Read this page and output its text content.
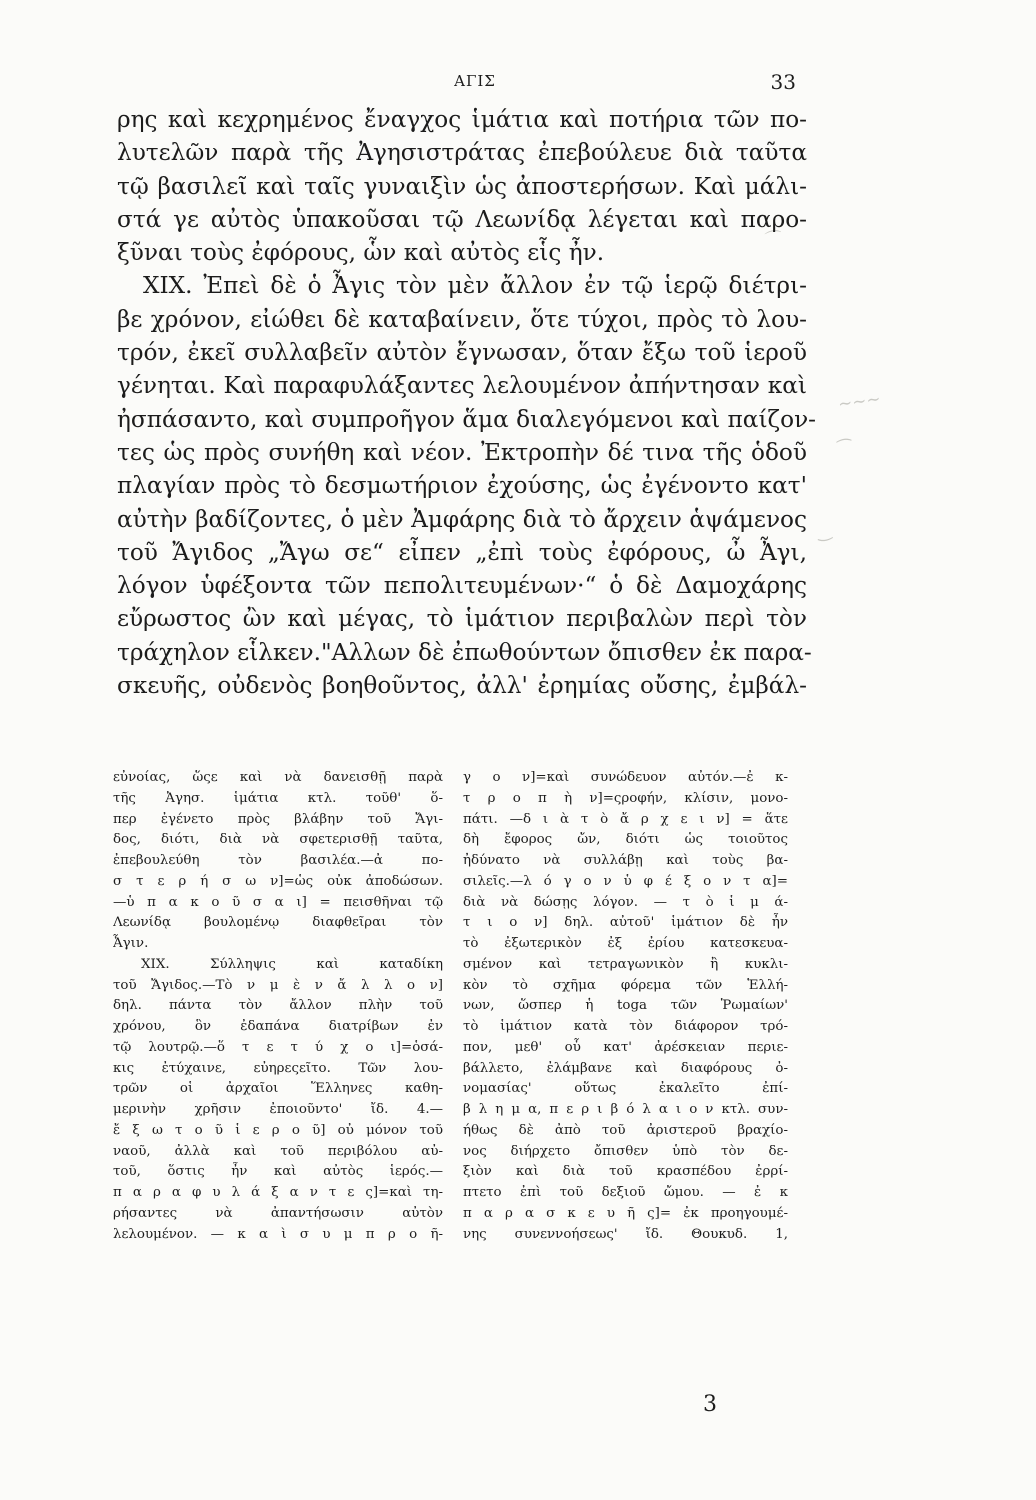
ΑΓΙΣ	33
⌒
~~~
⁀
‿
ρης καὶ κεχρημένος ἔναγχος ἱμάτια καὶ ποτήρια τῶν πο-
λυτελῶν παρὰ τῆς Ἀγησιστράτας ἐπεβούλευε διὰ ταῦτα
τῷ βασιλεῖ καὶ ταῖς γυναιξὶν ὡς ἀποστερήσων. Καὶ μάλι-
στά γε αὐτὸς ὑπακοῦσαι τῷ Λεωνίδᾳ λέγεται καὶ παρο-
ξῦναι τοὺς ἐφόρους, ὧν καὶ αὐτὸς εἷς ἦν.
XIX. Ἐπεὶ δὲ ὁ Ἆγις τὸν μὲν ἄλλον ἐν τῷ ἱερῷ διέτρι-
βε χρόνον, εἰώθει δὲ καταβαίνειν, ὅτε τύχοι, πρὸς τὸ λου-
τρόν, ἐκεῖ συλλαβεῖν αὐτὸν ἔγνωσαν, ὅταν ἔξω τοῦ ἱεροῦ
γένηται. Καὶ παραφυλάξαντες λελουμένον ἀπήντησαν καὶ
ἠσπάσαντο, καὶ συμπροῆγον ἅμα διαλεγόμενοι καὶ παίζον-
τες ὡς πρὸς συνήθη καὶ νέον. Ἐκτροπὴν δέ τινα τῆς ὁδοῦ
πλαγίαν πρὸς τὸ δεσμωτήριον ἐχούσης, ὡς ἐγένοντο κατ'
αὐτὴν βαδίζοντες, ὁ μὲν Ἀμφάρης διὰ τὸ ἄρχειν ἁψάμενος
τοῦ Ἄγιδος „Ἄγω σε“ εἶπεν „ἐπὶ τοὺς ἐφόρους, ὦ Ἆγι,
λόγον ὑφέξοντα τῶν πεπολιτευμένων·“ ὁ δὲ Δαμοχάρης
εὔρωστος ὢν καὶ μέγας, τὸ ἱμάτιον περιβαλὼν περὶ τὸν
τράχηλον εἷλκεν."Αλλων δὲ ἐπωθούντων ὄπισθεν ἐκ παρα-
σκευῆς, οὐδενὸς βοηθοῦντος, ἀλλ' ἐρημίας οὔσης, ἐμβάλ-
εὐνοίας, ὥςε καὶ νὰ δανεισθῇ παρὰ
τῆς Ἀγησ. ἱμάτια κτλ. τοῦθ' ὅ-
περ ἐγένετο πρὸς βλάβην τοῦ Ἄγι-
δος, διότι, διὰ νὰ σφετερισθῇ ταῦτα,
ἐπεβουλεύθη τὸν βασιλέα.—ἀ πο-
σ τ ε ρ ή σ ω ν]=ὡς οὐκ ἀποδώσων.
—ὑ π α κ ο ῦ σ α ι] = πεισθῆναι τῷ
Λεωνίδᾳ βουλομένῳ διαφθεῖραι τὸν
Ἆγιν.
XIX. Σύλληψις καὶ καταδίκη
τοῦ Ἄγιδος.—Τὸ ν μ ὲ ν ἄ λ λ ο ν]
δηλ. πάντα τὸν ἄλλον πλὴν τοῦ
χρόνου, ὃν ἐδαπάνα διατρίβων ἐν
τῷ λουτρῷ.—ὅ τ ε τ ύ χ ο ι]=ὁσά-
κις ἐτύχαινε, εὐηρεςεῖτο. Τῶν λου-
τρῶν οἱ ἀρχαῖοι Ἕλληνες καθη-
μερινὴν χρῆσιν ἐποιοῦντο' ἴδ. 4.—
ἔ ξ ω τ ο ῦ ἱ ε ρ ο ῦ] οὐ μόνον τοῦ
ναοῦ, ἀλλὰ καὶ τοῦ περιβόλου αὐ-
τοῦ, ὅστις ἦν καὶ αὐτὸς ἱερός.—
π α ρ α φ υ λ ά ξ α ν τ ε ς]=καὶ τη-
ρήσαντες νὰ ἀπαντήσωσιν αὐτὸν
λελουμένον. — κ α ὶ σ υ μ π ρ ο ῆ-
γ ο ν]=καὶ συνώδευον αὐτόν.—ἐ κ-
τ ρ ο π ὴ ν]=ςροφήν, κλίσιν, μονο-
πάτι. —δ ι ὰ τ ὸ ἄ ρ χ ε ι ν] = ἅτε
δὴ ἔφορος ὤν, διότι ὡς τοιοῦτος
ἠδύνατο νὰ συλλάβῃ καὶ τοὺς βα-
σιλεῖς.—λ ό γ ο ν ὑ φ έ ξ ο ν τ α]=
διὰ νὰ δώσῃς λόγον. — τ ὸ ἱ μ ά-
τ ι ο ν] δηλ. αὐτοῦ' ἱμάτιον δὲ ἦν
τὸ ἐξωτερικὸν ἐξ ἐρίου κατεσκευα-
σμένον καὶ τετραγωνικὸν ἢ κυκλι-
κὸν τὸ σχῆμα φόρεμα τῶν Ἑλλή-
νων, ὥσπερ ἡ toga τῶν Ῥωμαίων'
τὸ ἱμάτιον κατὰ τὸν διάφορον τρό-
πον, μεθ' οὗ κατ' ἀρέσκειαν περιε-
βάλλετο, ἐλάμβανε καὶ διαφόρους ὀ-
νομασίας' οὕτως ἐκαλεῖτο ἐπί-
β λ η μ α, π ε ρ ι β ό λ α ι ο ν κτλ. συν-
ήθως δὲ ἀπὸ τοῦ ἀριστεροῦ βραχίο-
νος διήρχετο ὄπισθεν ὑπὸ τὸν δε-
ξιὸν καὶ διὰ τοῦ κρασπέδου ἐρρί-
πτετο ἐπὶ τοῦ δεξιοῦ ὤμου. — ἐ κ
π α ρ α σ κ ε υ ῆ ς]= ἐκ προηγουμέ-
νης συνεννοήσεως' ἴδ. Θουκυδ. 1,
3
